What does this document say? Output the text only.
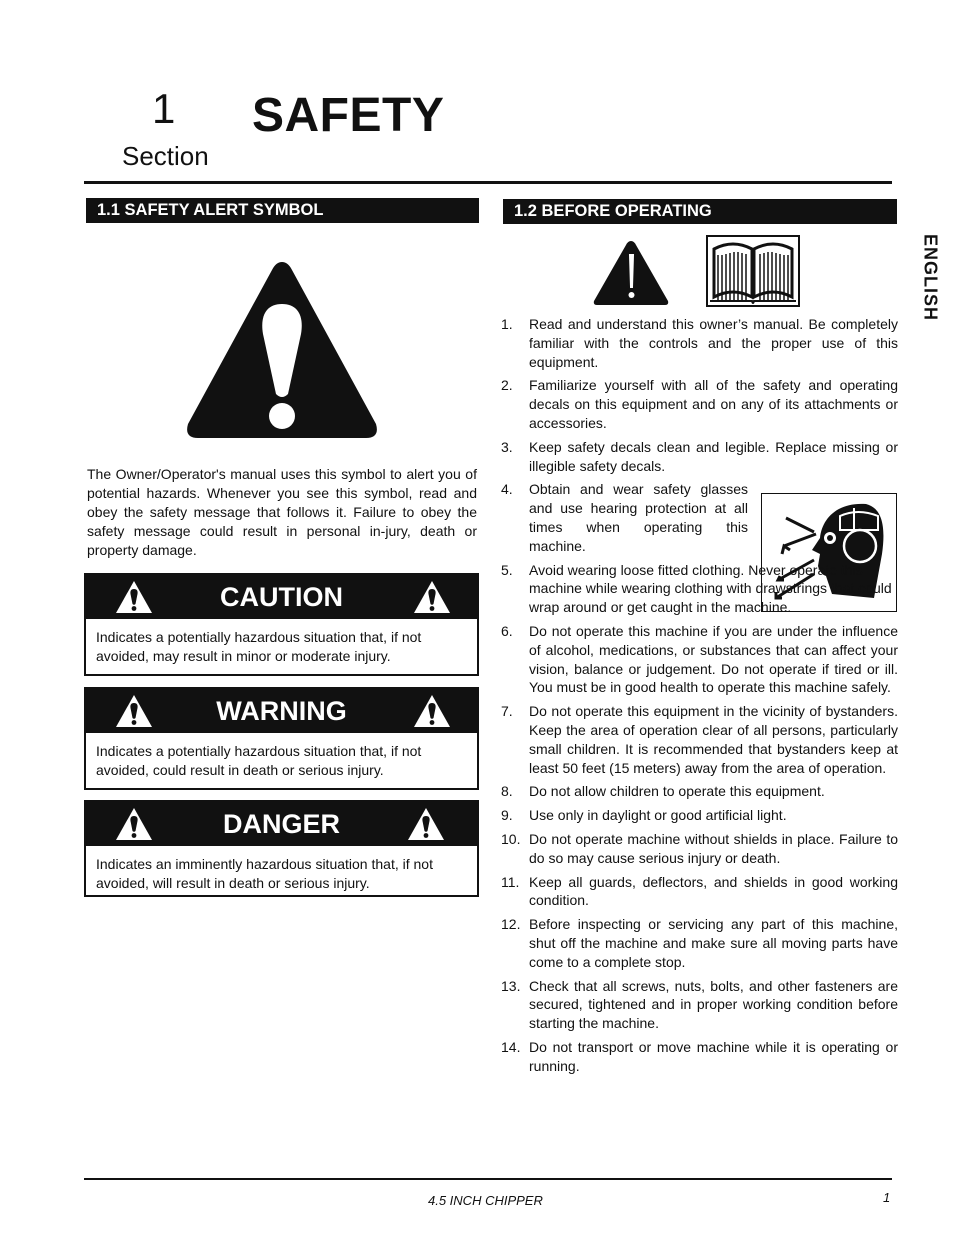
1
Section
SAFETY
1.1 SAFETY ALERT SYMBOL
The Owner/Operator's manual uses this symbol to alert you of potential hazards. Whenever you see this symbol, read and obey the safety message that follows it. Failure to obey the safety message could result in personal in-jury, death or property damage.
CAUTION
Indicates a potentially hazardous situation that, if not avoided, may result in minor or moderate injury.
WARNING
Indicates a potentially hazardous situation that, if not avoided, could result in death or serious injury.
DANGER
Indicates an imminently hazardous situation that, if not avoided, will result in death or serious injury.
1.2 BEFORE OPERATING
1. Read and understand this owner’s manual. Be completely familiar with the controls and the proper use of this equipment.
2. Familiarize yourself with all of the safety and operating decals on this equipment and on any of its attachments or accessories.
3. Keep safety decals clean and legible. Replace missing or illegible safety decals.
4. Obtain and wear safety glasses and use hearing protection at all times when operating this machine.
5. Avoid wearing loose fitted clothing. Never operate this machine while wearing clothing with drawstrings that could wrap around or get caught in the machine.
6. Do not operate this machine if you are under the influence of alcohol, medications, or substances that can affect your vision, balance or judgement. Do not operate if tired or ill. You must be in good health to operate this machine safely.
7. Do not operate this equipment in the vicinity of bystanders. Keep the area of operation clear of all persons, particularly small children. It is recommended that bystanders keep at least 50 feet (15 meters) away from the area of operation.
8. Do not allow children to operate this equipment.
9. Use only in daylight or good artificial light.
10. Do not operate machine without shields in place. Failure to do so may cause serious injury or death.
11. Keep all guards, deflectors, and shields in good working condition.
12. Before inspecting or servicing any part of this machine, shut off the machine and make sure all moving parts have come to a complete stop.
13. Check that all screws, nuts, bolts, and other fasteners are secured, tightened and in proper working condition before starting the machine.
14. Do not transport or move machine while it is operating or running.
ENGLISH
4.5 INCH CHIPPER	1
